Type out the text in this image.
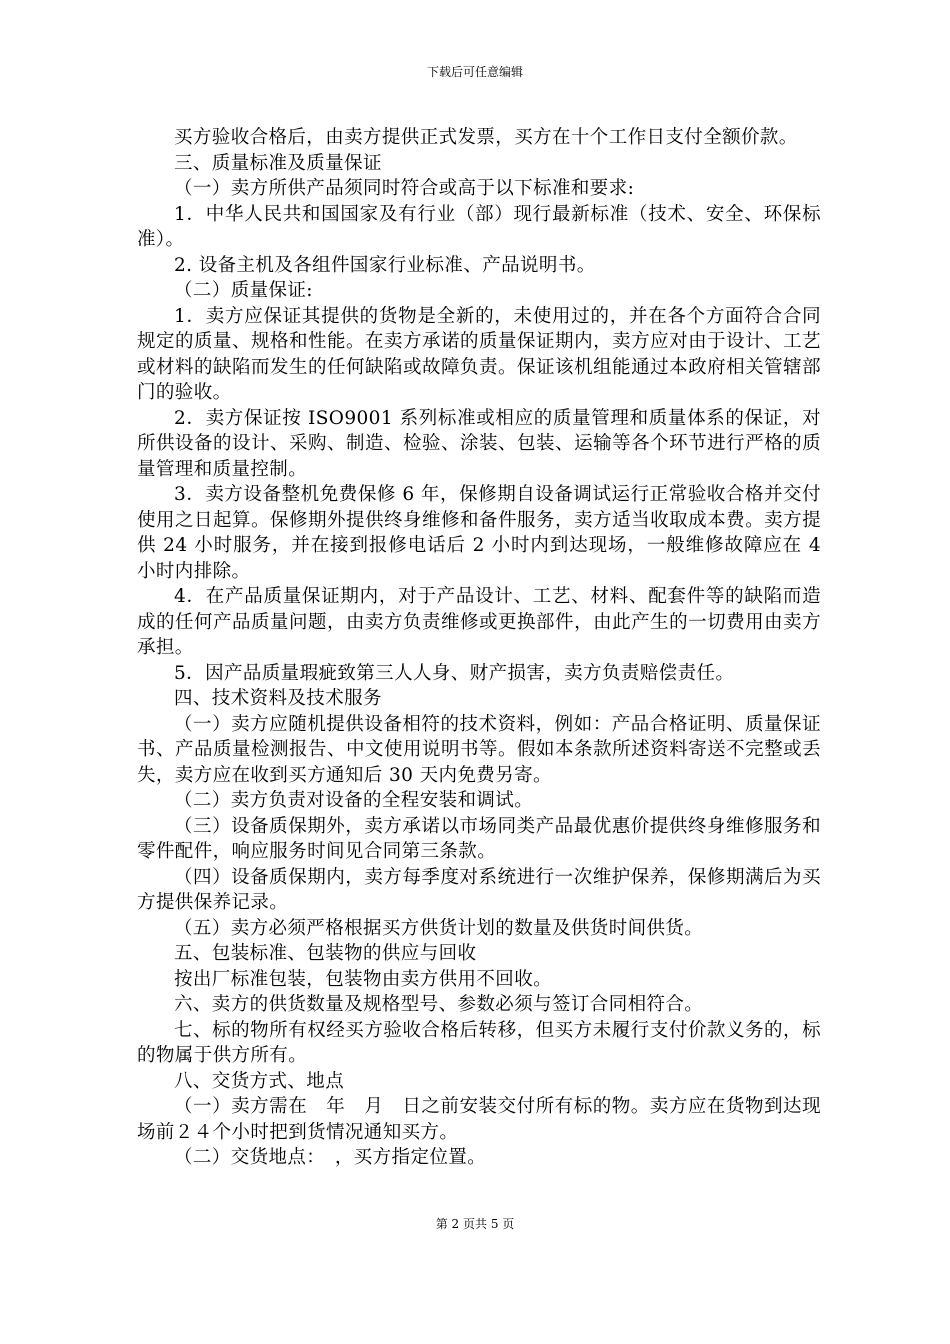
下载后可任意编辑

买方验收合格后，由卖方提供正式发票，买方在十个工作日支付全额价款。

三、质量标准及质量保证

（一）卖方所供产品须同时符合或高于以下标准和要求:

1．中华人民共和国国家及有行业（部）现行最新标准（技术、安全、环保标准）。

2. 设备主机及各组件国家行业标准、产品说明书。

（二）质量保证:

1．卖方应保证其提供的货物是全新的，未使用过的，并在各个方面符合合同规定的质量、规格和性能。在卖方承诺的质量保证期内，卖方应对由于设计、工艺或材料的缺陷而发生的任何缺陷或故障负责。保证该机组能通过本政府相关管辖部门的验收。

2．卖方保证按 ISO9001 系列标准或相应的质量管理和质量体系的保证，对所供设备的设计、采购、制造、检验、涂装、包装、运输等各个环节进行严格的质量管理和质量控制。

3．卖方设备整机免费保修 6 年，保修期自设备调试运行正常验收合格并交付使用之日起算。保修期外提供终身维修和备件服务，卖方适当收取成本费。卖方提供 24 小时服务，并在接到报修电话后 2 小时内到达现场，一般维修故障应在 4 小时内排除。

4．在产品质量保证期内，对于产品设计、工艺、材料、配套件等的缺陷而造成的任何产品质量问题，由卖方负责维修或更换部件，由此产生的一切费用由卖方承担。

5．因产品质量瑕疵致第三人人身、财产损害，卖方负责赔偿责任。

四、技术资料及技术服务

（一）卖方应随机提供设备相符的技术资料，例如：产品合格证明、质量保证书、产品质量检测报告、中文使用说明书等。假如本条款所述资料寄送不完整或丢失，卖方应在收到买方通知后 30 天内免费另寄。

（二）卖方负责对设备的全程安装和调试。

（三）设备质保期外，卖方承诺以市场同类产品最优惠价提供终身维修服务和零件配件，响应服务时间见合同第三条款。

（四）设备质保期内，卖方每季度对系统进行一次维护保养，保修期满后为买方提供保养记录。

（五）卖方必须严格根据买方供货计划的数量及供货时间供货。

五、包装标准、包装物的供应与回收

按出厂标准包装，包装物由卖方供用不回收。

六、卖方的供货数量及规格型号、参数必须与签订合同相符合。

七、标的物所有权经买方验收合格后转移，但买方未履行支付价款义务的，标的物属于供方所有。

八、交货方式、地点

（一）卖方需在　年　月　日之前安装交付所有标的物。卖方应在货物到达现场前２４个小时把到货情况通知买方。

（二）交货地点：　，买方指定位置。

第 2 页共 5 页
